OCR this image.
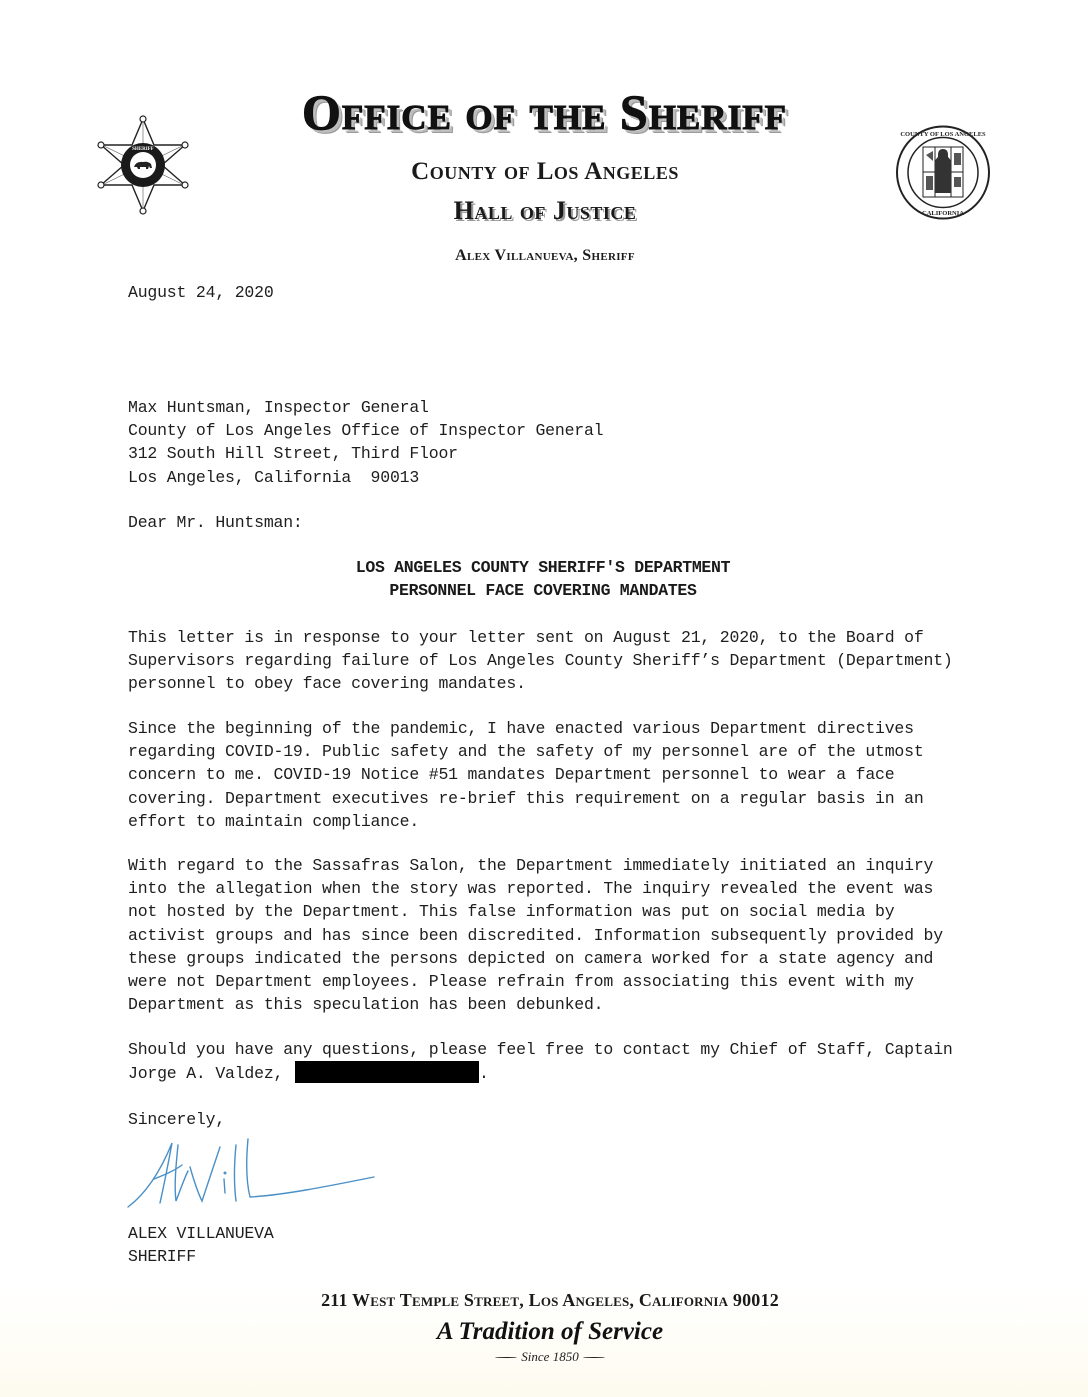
SHERIFF
Office of the Sheriff
County of Los Angeles
Hall of Justice
Alex Villanueva, Sheriff
COUNTY OF LOS ANGELES
CALIFORNIA
August 24, 2020
Max Huntsman, Inspector General
County of Los Angeles Office of Inspector General
312 South Hill Street, Third Floor
Los Angeles, California  90013
Dear Mr. Huntsman:
LOS ANGELES COUNTY SHERIFF'S DEPARTMENT
PERSONNEL FACE COVERING MANDATES
This letter is in response to your letter sent on August 21, 2020, to the Board of Supervisors regarding failure of Los Angeles County Sheriff’s Department (Department) personnel to obey face covering mandates.
Since the beginning of the pandemic, I have enacted various Department directives regarding COVID-19. Public safety and the safety of my personnel are of the utmost concern to me. COVID-19 Notice #51 mandates Department personnel to wear a face covering. Department executives re-brief this requirement on a regular basis in an effort to maintain compliance.
With regard to the Sassafras Salon, the Department immediately initiated an inquiry into the allegation when the story was reported. The inquiry revealed the event was not hosted by the Department. This false information was put on social media by activist groups and has since been discredited. Information subsequently provided by these groups indicated the persons depicted on camera worked for a state agency and were not Department employees. Please refrain from associating this event with my Department as this speculation has been debunked.
Should you have any questions, please feel free to contact my Chief of Staff, Captain Jorge A. Valdez,	.
Sincerely,
ALEX VILLANUEVA
SHERIFF
211 West Temple Street, Los Angeles, California 90012
A Tradition of Service
Since 1850
